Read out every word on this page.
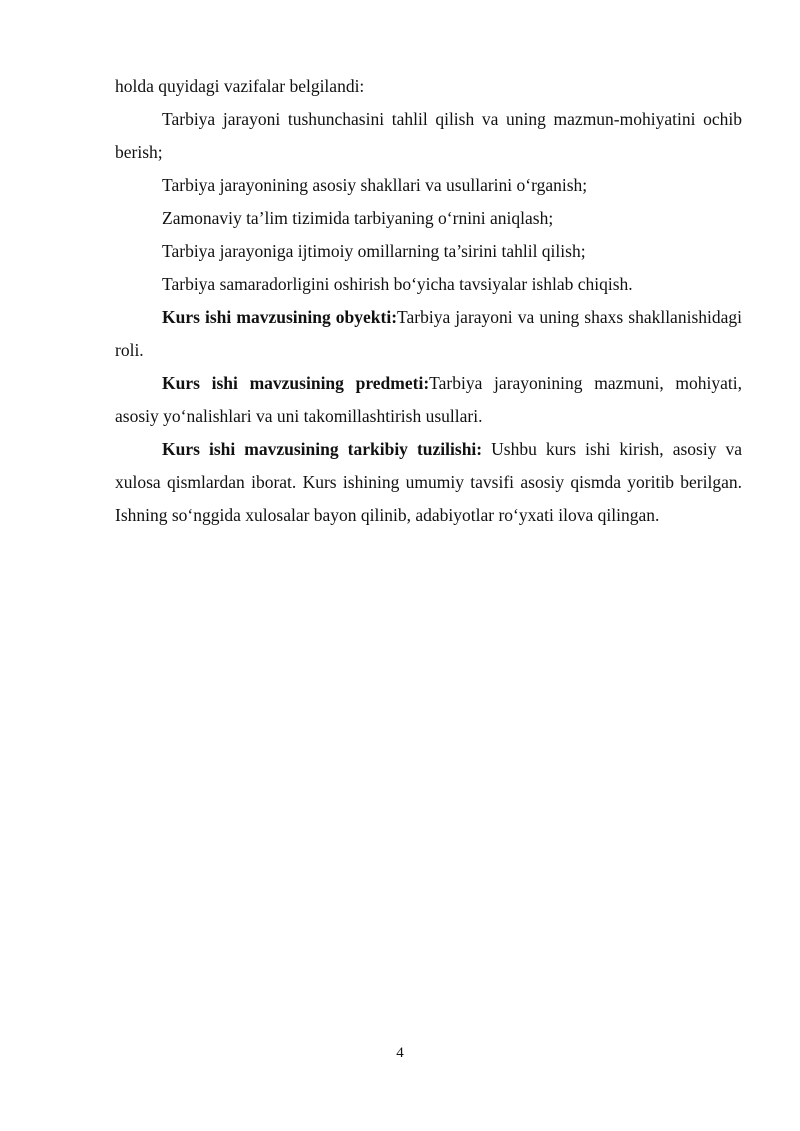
holda quyidagi vazifalar belgilandi:

Tarbiya jarayoni tushunchasini tahlil qilish va uning mazmun-mohiyatini ochib berish;

Tarbiya jarayonining asosiy shakllari va usullarini o‘rganish;

Zamonaviy ta’lim tizimida tarbiyaning o‘rnini aniqlash;

Tarbiya jarayoniga ijtimoiy omillarning ta’sirini tahlil qilish;

Tarbiya samaradorligini oshirish bo‘yicha tavsiyalar ishlab chiqish.

Kurs ishi mavzusining obyekti:Tarbiya jarayoni va uning shaxs shakllanishidagi roli.

Kurs ishi mavzusining predmeti:Tarbiya jarayonining mazmuni, mohiyati, asosiy yo‘nalishlari va uni takomillashtirish usullari.

Kurs ishi mavzusining tarkibiy tuzilishi: Ushbu kurs ishi kirish, asosiy va xulosa qismlardan iborat. Kurs ishining umumiy tavsifi asosiy qismda yoritib berilgan. Ishning so‘nggida xulosalar bayon qilinib, adabiyotlar ro‘yxati ilova qilingan.

4
